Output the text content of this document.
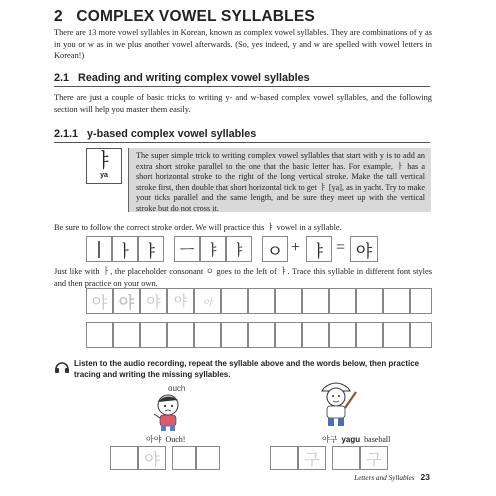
2 COMPLEX VOWEL SYLLABLES
There are 13 more vowel syllables in Korean, known as complex vowel syllables. They are combinations of y as in you or w as in we plus another vowel afterwards. (So, yes indeed, y and w are spelled with vowel letters in Korean!)
2.1 Reading and writing complex vowel syllables
There are just a couple of basic tricks to writing y- and w-based complex vowel syllables, and the following section will help you master them easily.
2.1.1 y-based complex vowel syllables
ㅑ
ya

The super simple trick to writing complex vowel syllables that start with y is to add an extra short stroke parallel to the one that the basic letter has. For example, ㅏ has a short horizontal stroke to the right of the long vertical stroke. Make the tall vertical stroke first, then double that short horizontal tick to get ㅑ [ya], as in yacht. Try to make your ticks parallel and the same length, and be sure they meet up with the vertical stroke but do not cross it.

Be sure to follow the correct stroke order. We will practice this ㅑ vowel in a syllable.
| ㅏ ㅑ	ㅡ ㅑ ㅑ ㅇ + ㅑ = 야
Just like with ㅏ, the placeholder consonant ㅇ goes to the left of ㅑ. Trace this syllable in different font styles and then practice on your own.
야 야 야 야	야
Listen to the audio recording, repeat the syllable above and the words below, then practice tracing and writing the missing syllables.
ouch
아야 Ouch!
야
야구 yagu baseball
구	구
Letters and Syllables 23
